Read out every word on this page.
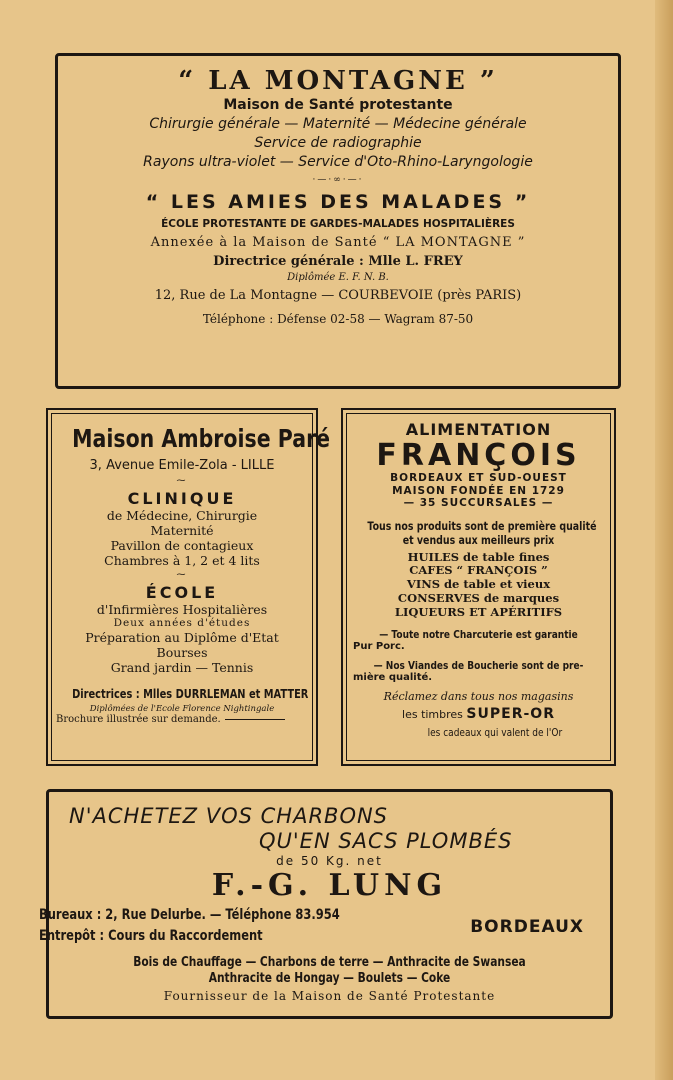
“ LA MONTAGNE ”
Maison de Santé protestante
Chirurgie générale — Maternité — Médecine générale
Service de radiographie
Rayons ultra-violet — Service d'Oto-Rhino-Laryngologie
·—·∞·—·
“ LES AMIES DES MALADES ”
ÉCOLE PROTESTANTE DE GARDES-MALADES HOSPITALIÈRES
Annexée à la Maison de Santé “ LA MONTAGNE ”
Directrice générale : Mlle L. FREY
Diplômée E. F. N. B.
12, Rue de La Montagne — COURBEVOIE (près PARIS)
Téléphone : Défense 02-58 — Wagram 87-50
Maison Ambroise Paré
3, Avenue Emile-Zola - LILLE
⁓
CLINIQUE
de Médecine, Chirurgie
Maternité
Pavillon de contagieux
Chambres à 1, 2 et 4 lits
⁓
ÉCOLE
d'Infirmières Hospitalières
Deux années d'études
Préparation au Diplôme d'Etat
Bourses
Grand jardin — Tennis
Directrices : Mlles DURRLEMAN et MATTER
Diplômées de l'Ecole Florence Nightingale
Brochure illustrée sur demande.
ALIMENTATION
FRANÇOIS
BORDEAUX ET SUD-OUEST
MAISON FONDÉE EN 1729
— 35 SUCCURSALES —
Tous nos produits sont de première qualité
et vendus aux meilleurs prix
HUILES de table fines
CAFES “ FRANÇOIS ”
VINS de table et vieux
CONSERVES de marques
LIQUEURS ET APÉRITIFS
— Toute notre Charcuterie est garantie
Pur Porc.
— Nos Viandes de Boucherie sont de pre-
mière qualité.
Réclamez dans tous nos magasins
les timbres SUPER-OR
les cadeaux qui valent de l'Or
N'ACHETEZ VOS CHARBONS
QU'EN SACS PLOMBÉS
de 50 Kg. net
F.-G. LUNG
Bureaux : 2, Rue Delurbe. — Téléphone 83.954
Entrepôt : Cours du Raccordement	BORDEAUX
Bois de Chauffage — Charbons de terre — Anthracite de Swansea
Anthracite de Hongay — Boulets — Coke
Fournisseur de la Maison de Santé Protestante
